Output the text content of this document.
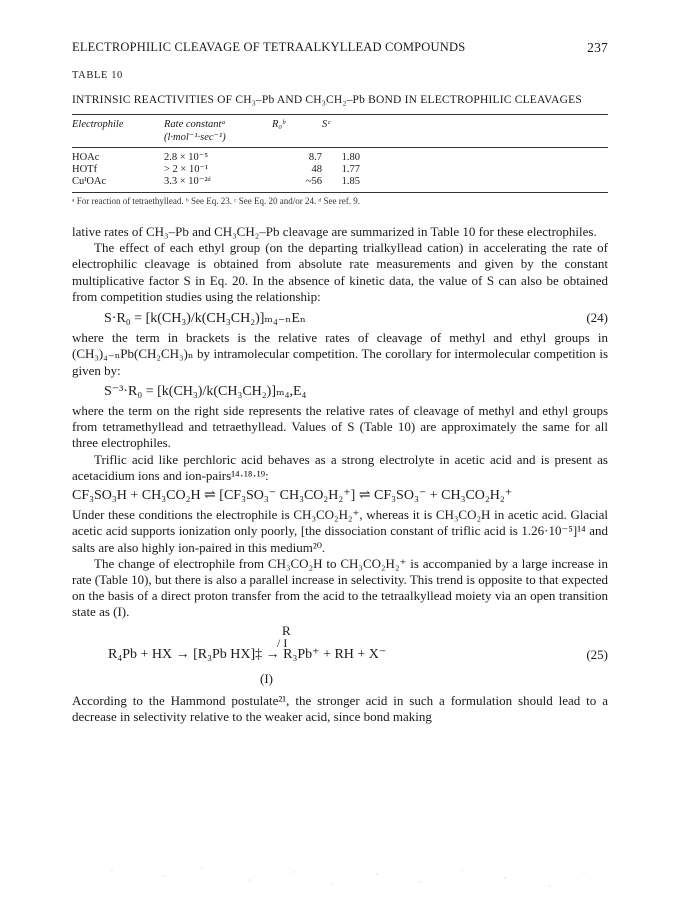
ELECTROPHILIC CLEAVAGE OF TETRAALKYLLEAD COMPOUNDS	237
TABLE 10
INTRINSIC REACTIVITIES OF CH₃–Pb AND CH₃CH₂–Pb BOND IN ELECTROPHILIC CLEAVAGES
Electrophile	Rate constantᵃ (l·mol⁻¹·sec⁻¹)	R₀ᵇ	Sᶜ	
HOAc	2.8 × 10⁻⁵	8.7	1.80	
HOTf	> 2 × 10⁻¹	48	1.77	
CuᴵOAc	3.3 × 10⁻²ᵈ	~56	1.85	

ᵃ For reaction of tetraethyllead. ᵇ See Eq. 23. ᶜ See Eq. 20 and/or 24. ᵈ See ref. 9.

lative rates of CH₃–Pb and CH₃CH₂–Pb cleavage are summarized in Table 10 for these electrophiles.

The effect of each ethyl group (on the departing trialkyllead cation) in accelerating the rate of electrophilic cleavage is obtained from absolute rate measurements and given by the constant multiplicative factor S in Eq. 20. In the absence of kinetic data, the value of S can also be obtained from competition studies using the relationship:

S·R₀ = [k(CH₃)/k(CH₃CH₂)]ₘ₄₋ₙEₙ	(24)

where the term in brackets is the relative rates of cleavage of methyl and ethyl groups in (CH₃)₄₋ₙPb(CH₂CH₃)ₙ by intramolecular competition. The corollary for intermolecular competition is given by:

S⁻³·R₀ = [k(CH₃)/k(CH₃CH₂)]ₘ₄,E₄

where the term on the right side represents the relative rates of cleavage of methyl and ethyl groups from tetramethyllead and tetraethyllead. Values of S (Table 10) are approximately the same for all three electrophiles.

Triflic acid like perchloric acid behaves as a strong electrolyte in acetic acid and is present as acetacidium ions and ion-pairs¹⁴·¹⁸·¹⁹:

CF₃SO₃H + CH₃CO₂H ⇌ [CF₃SO₃⁻ CH₃CO₂H₂⁺] ⇌ CF₃SO₃⁻ + CH₃CO₂H₂⁺

Under these conditions the electrophile is CH₃CO₂H₂⁺, whereas it is CH₃CO₂H in acetic acid. Glacial acetic acid supports ionization only poorly, [the dissociation constant of triflic acid is 1.26·10⁻⁵]¹⁴ and salts are also highly ion-paired in this medium²⁰.

The change of electrophile from CH₃CO₂H to CH₃CO₂H₂⁺ is accompanied by a large increase in rate (Table 10), but there is also a parallel increase in selectivity. This trend is opposite to that expected on the basis of a direct proton transfer from the acid to the tetraalkyllead moiety via an open transition state as (I).

R
/ I
R₄Pb + HX → [R₃Pb HX]‡ → R₃Pb⁺ + RH + X⁻	(25)
(I)

According to the Hammond postulate²¹, the stronger acid in such a formulation should lead to a decrease in selectivity relative to the weaker acid, since bond making
